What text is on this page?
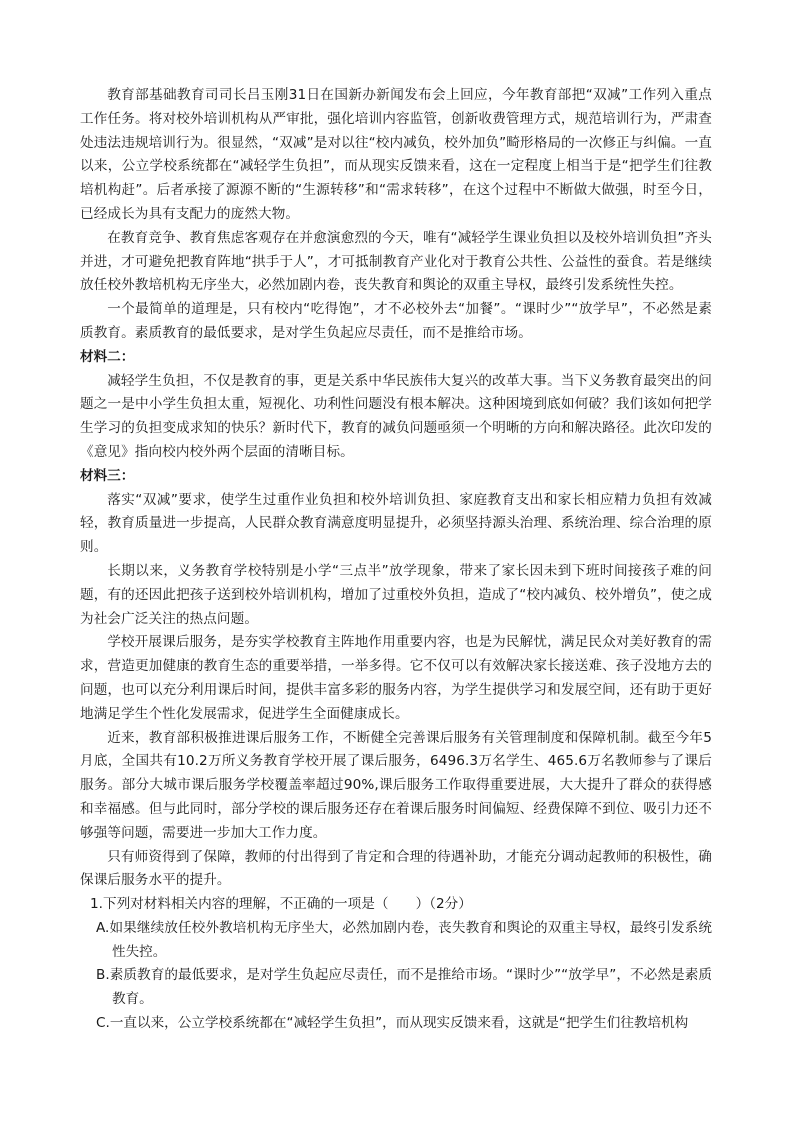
教育部基础教育司司长吕玉刚31日在国新办新闻发布会上回应，今年教育部把“双减”工作列入重点工作任务。将对校外培训机构从严审批，强化培训内容监管，创新收费管理方式，规范培训行为，严肃查处违法违规培训行为。很显然，“双减”是对以往“校内减负，校外加负”畸形格局的一次修正与纠偏。一直以来，公立学校系统都在“减轻学生负担”，而从现实反馈来看，这在一定程度上相当于是“把学生们往教培机构赶”。后者承接了源源不断的“生源转移”和“需求转移”，在这个过程中不断做大做强，时至今日，已经成长为具有支配力的庞然大物。

在教育竞争、教育焦虑客观存在并愈演愈烈的今天，唯有“减轻学生课业负担以及校外培训负担”齐头并进，才可避免把教育阵地“拱手于人”，才可抵制教育产业化对于教育公共性、公益性的蚕食。若是继续放任校外教培机构无序坐大，必然加剧内卷，丧失教育和舆论的双重主导权，最终引发系统性失控。

一个最简单的道理是，只有校内“吃得饱”，才不必校外去“加餐”。“课时少”“放学早”，不必然是素质教育。素质教育的最低要求，是对学生负起应尽责任，而不是推给市场。

材料二：

减轻学生负担，不仅是教育的事，更是关系中华民族伟大复兴的改革大事。当下义务教育最突出的问题之一是中小学生负担太重，短视化、功利性问题没有根本解决。这种困境到底如何破？我们该如何把学生学习的负担变成求知的快乐？新时代下，教育的减负问题亟须一个明晰的方向和解决路径。此次印发的《意见》指向校内校外两个层面的清晰目标。

材料三：

落实“双减”要求，使学生过重作业负担和校外培训负担、家庭教育支出和家长相应精力负担有效减轻，教育质量进一步提高，人民群众教育满意度明显提升，必须坚持源头治理、系统治理、综合治理的原则。

长期以来，义务教育学校特别是小学“三点半”放学现象，带来了家长因未到下班时间接孩子难的问题，有的还因此把孩子送到校外培训机构，增加了过重校外负担，造成了“校内减负、校外增负”，使之成为社会广泛关注的热点问题。

学校开展课后服务，是夯实学校教育主阵地作用重要内容，也是为民解忧，满足民众对美好教育的需求，营造更加健康的教育生态的重要举措，一举多得。它不仅可以有效解决家长接送难、孩子没地方去的问题，也可以充分利用课后时间，提供丰富多彩的服务内容，为学生提供学习和发展空间，还有助于更好地满足学生个性化发展需求，促进学生全面健康成长。

近来，教育部积极推进课后服务工作，不断健全完善课后服务有关管理制度和保障机制。截至今年5月底，全国共有10.2万所义务教育学校开展了课后服务，6496.3万名学生、465.6万名教师参与了课后服务。部分大城市课后服务学校覆盖率超过90%,课后服务工作取得重要进展，大大提升了群众的获得感和幸福感。但与此同时，部分学校的课后服务还存在着课后服务时间偏短、经费保障不到位、吸引力还不够强等问题，需要进一步加大工作力度。

只有师资得到了保障，教师的付出得到了肯定和合理的待遇补助，才能充分调动起教师的积极性，确保课后服务水平的提升。

1.下列对材料相关内容的理解，不正确的一项是（　　）（2分）

A.如果继续放任校外教培机构无序坐大，必然加剧内卷，丧失教育和舆论的双重主导权，最终引发系统性失控。

B.素质教育的最低要求，是对学生负起应尽责任，而不是推给市场。“课时少”“放学早”，不必然是素质教育。

C.一直以来，公立学校系统都在“减轻学生负担”，而从现实反馈来看，这就是“把学生们往教培机构
